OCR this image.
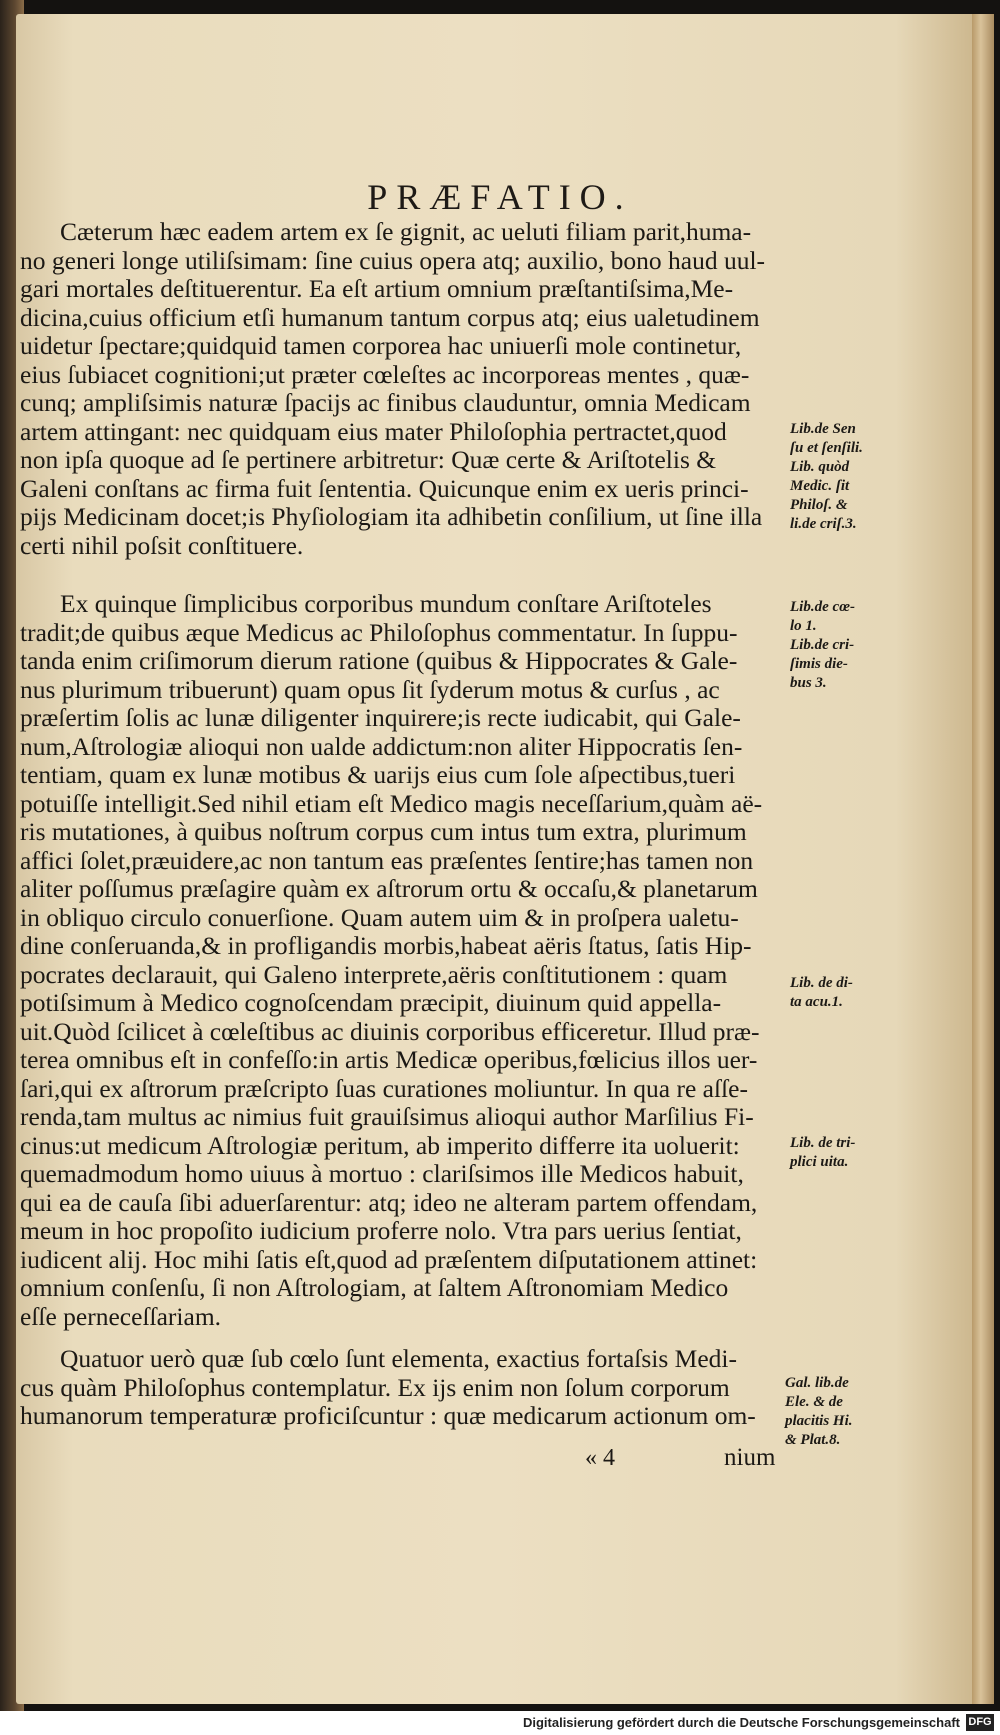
PRÆFATIO.
Cæterum hæc eadem artem ex ſe gignit, ac ueluti filiam parit,huma-
no generi longe utiliſsimam: ſine cuius opera atq; auxilio, bono haud uul-
gari mortales deſtituerentur. Ea eſt artium omnium præſtantiſsima,Me-
dicina,cuius officium etſi humanum tantum corpus atq; eius ualetudinem
uidetur ſpectare;quidquid tamen corporea hac uniuerſi mole continetur,
eius ſubiacet cognitioni;ut præter cœleſtes ac incorporeas mentes , quæ-
cunq; ampliſsimis naturæ ſpacijs ac finibus clauduntur, omnia Medicam
artem attingant: nec quidquam eius mater Philoſophia pertractet,quod
non ipſa quoque ad ſe pertinere arbitretur: Quæ certe & Ariſtotelis &
Galeni conſtans ac firma fuit ſententia. Quicunque enim ex ueris princi-
pijs Medicinam docet;is Phyſiologiam ita adhibetin conſilium, ut ſine illa
certi nihil poſsit conſtituere.
Ex quinque ſimplicibus corporibus mundum conſtare Ariſtoteles
tradit;de quibus æque Medicus ac Philoſophus commentatur. In ſuppu-
tanda enim criſimorum dierum ratione (quibus & Hippocrates & Gale-
nus plurimum tribuerunt) quam opus ſit ſyderum motus & curſus , ac
præſertim ſolis ac lunæ diligenter inquirere;is recte iudicabit, qui Gale-
num,Aſtrologiæ alioqui non ualde addictum:non aliter Hippocratis ſen-
tentiam, quam ex lunæ motibus & uarijs eius cum ſole aſpectibus,tueri
potuiſſe intelligit.Sed nihil etiam eſt Medico magis neceſſarium,quàm aë-
ris mutationes, à quibus noſtrum corpus cum intus tum extra, plurimum
affici ſolet,præuidere,ac non tantum eas præſentes ſentire;has tamen non
aliter poſſumus præſagire quàm ex aſtrorum ortu & occaſu,& planetarum
in obliquo circulo conuerſione. Quam autem uim & in proſpera ualetu-
dine conſeruanda,& in profligandis morbis,habeat aëris ſtatus, ſatis Hip-
pocrates declarauit, qui Galeno interprete,aëris conſtitutionem : quam
potiſsimum à Medico cognoſcendam præcipit, diuinum quid appella-
uit.Quòd ſcilicet à cœleſtibus ac diuinis corporibus efficeretur. Illud præ-
terea omnibus eſt in confeſſo:in artis Medicæ operibus,fœlicius illos uer-
ſari,qui ex aſtrorum præſcripto ſuas curationes moliuntur. In qua re aſſe-
renda,tam multus ac nimius fuit grauiſsimus alioqui author Marſilius Fi-
cinus:ut medicum Aſtrologiæ peritum, ab imperito differre ita uoluerit:
quemadmodum homo uiuus à mortuo : clariſsimos ille Medicos habuit,
qui ea de cauſa ſibi aduerſarentur: atq; ideo ne alteram partem offendam,
meum in hoc propoſito iudicium proferre nolo. Vtra pars uerius ſentiat,
iudicent alij. Hoc mihi ſatis eſt,quod ad præſentem diſputationem attinet:
omnium conſenſu, ſi non Aſtrologiam, at ſaltem Aſtronomiam Medico
eſſe perneceſſariam.
Quatuor uerò quæ ſub cœlo ſunt elementa, exactius fortaſsis Medi-
cus quàm Philoſophus contemplatur. Ex ijs enim non ſolum corporum
humanorum temperaturæ proficiſcuntur : quæ medicarum actionum om-
Lib.de Sen
ſu et ſenſili.
Lib. quòd
Medic. ſit
Philoſ. &
li.de criſ.3.
Lib.de cœ-
lo 1.
Lib.de cri-
ſimis die-
bus 3.
Lib. de di-
ta acu.1.
Lib. de tri-
plici uita.
Gal. lib.de
Ele. & de
placitis Hi.
& Plat.8.
« 4	nium
Digitalisierung gefördert durch die Deutsche Forschungsgemeinschaft DFG
